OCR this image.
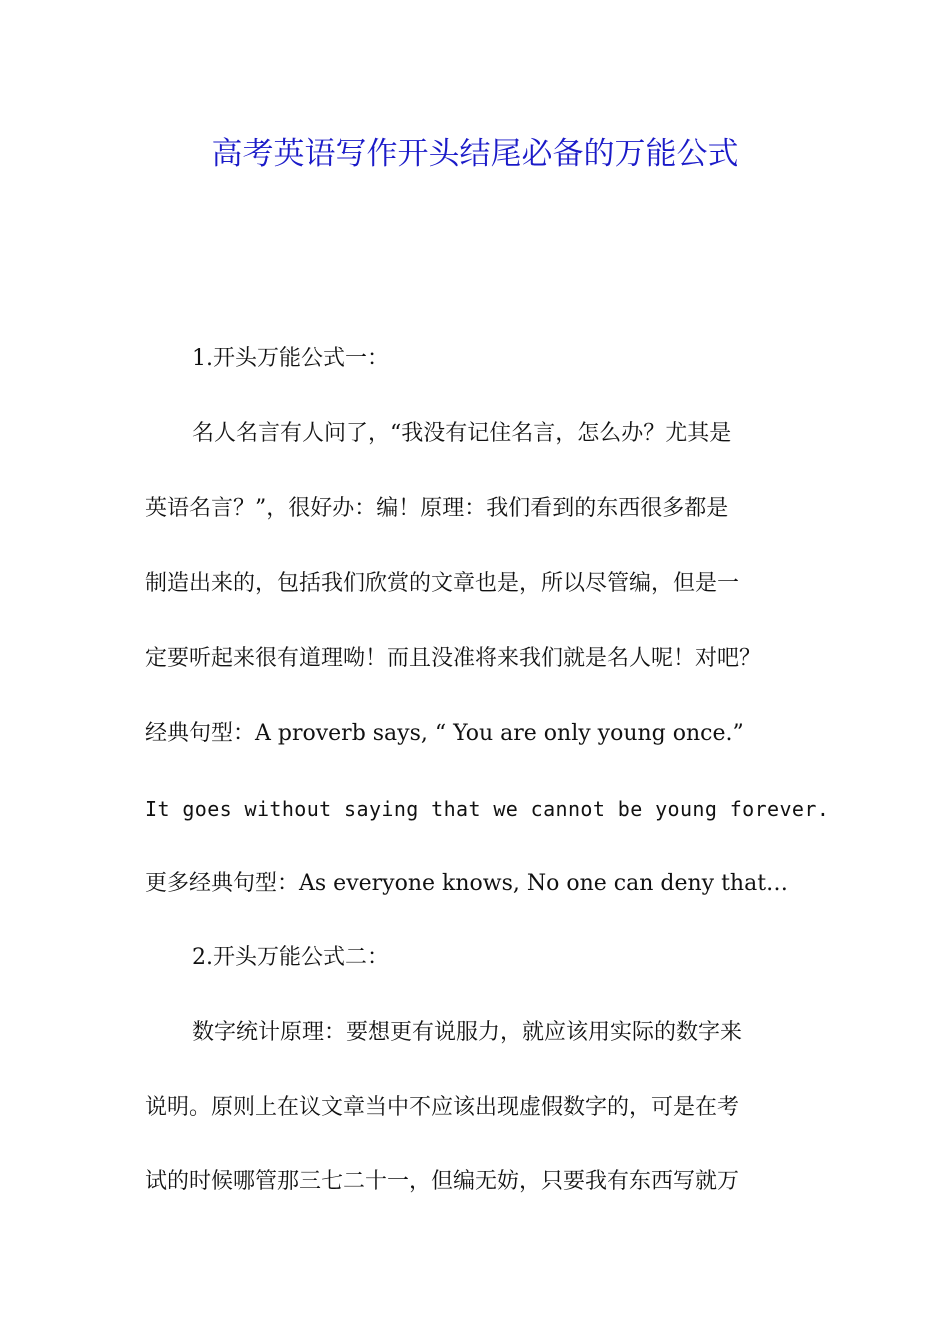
高考英语写作开头结尾必备的万能公式

1.开头万能公式一：

名人名言有人问了，“我没有记住名言，怎么办？尤其是

英语名言？”，很好办：编！原理：我们看到的东西很多都是

制造出来的，包括我们欣赏的文章也是，所以尽管编，但是一

定要听起来很有道理呦！而且没准将来我们就是名人呢！对吧？

经典句型：A proverb says, “ You are only young once.”

It goes without saying that we cannot be young forever.

更多经典句型：As everyone knows, No one can deny that…

2.开头万能公式二：

数字统计原理：要想更有说服力，就应该用实际的数字来

说明。原则上在议文章当中不应该出现虚假数字的，可是在考

试的时候哪管那三七二十一，但编无妨，只要我有东西写就万
